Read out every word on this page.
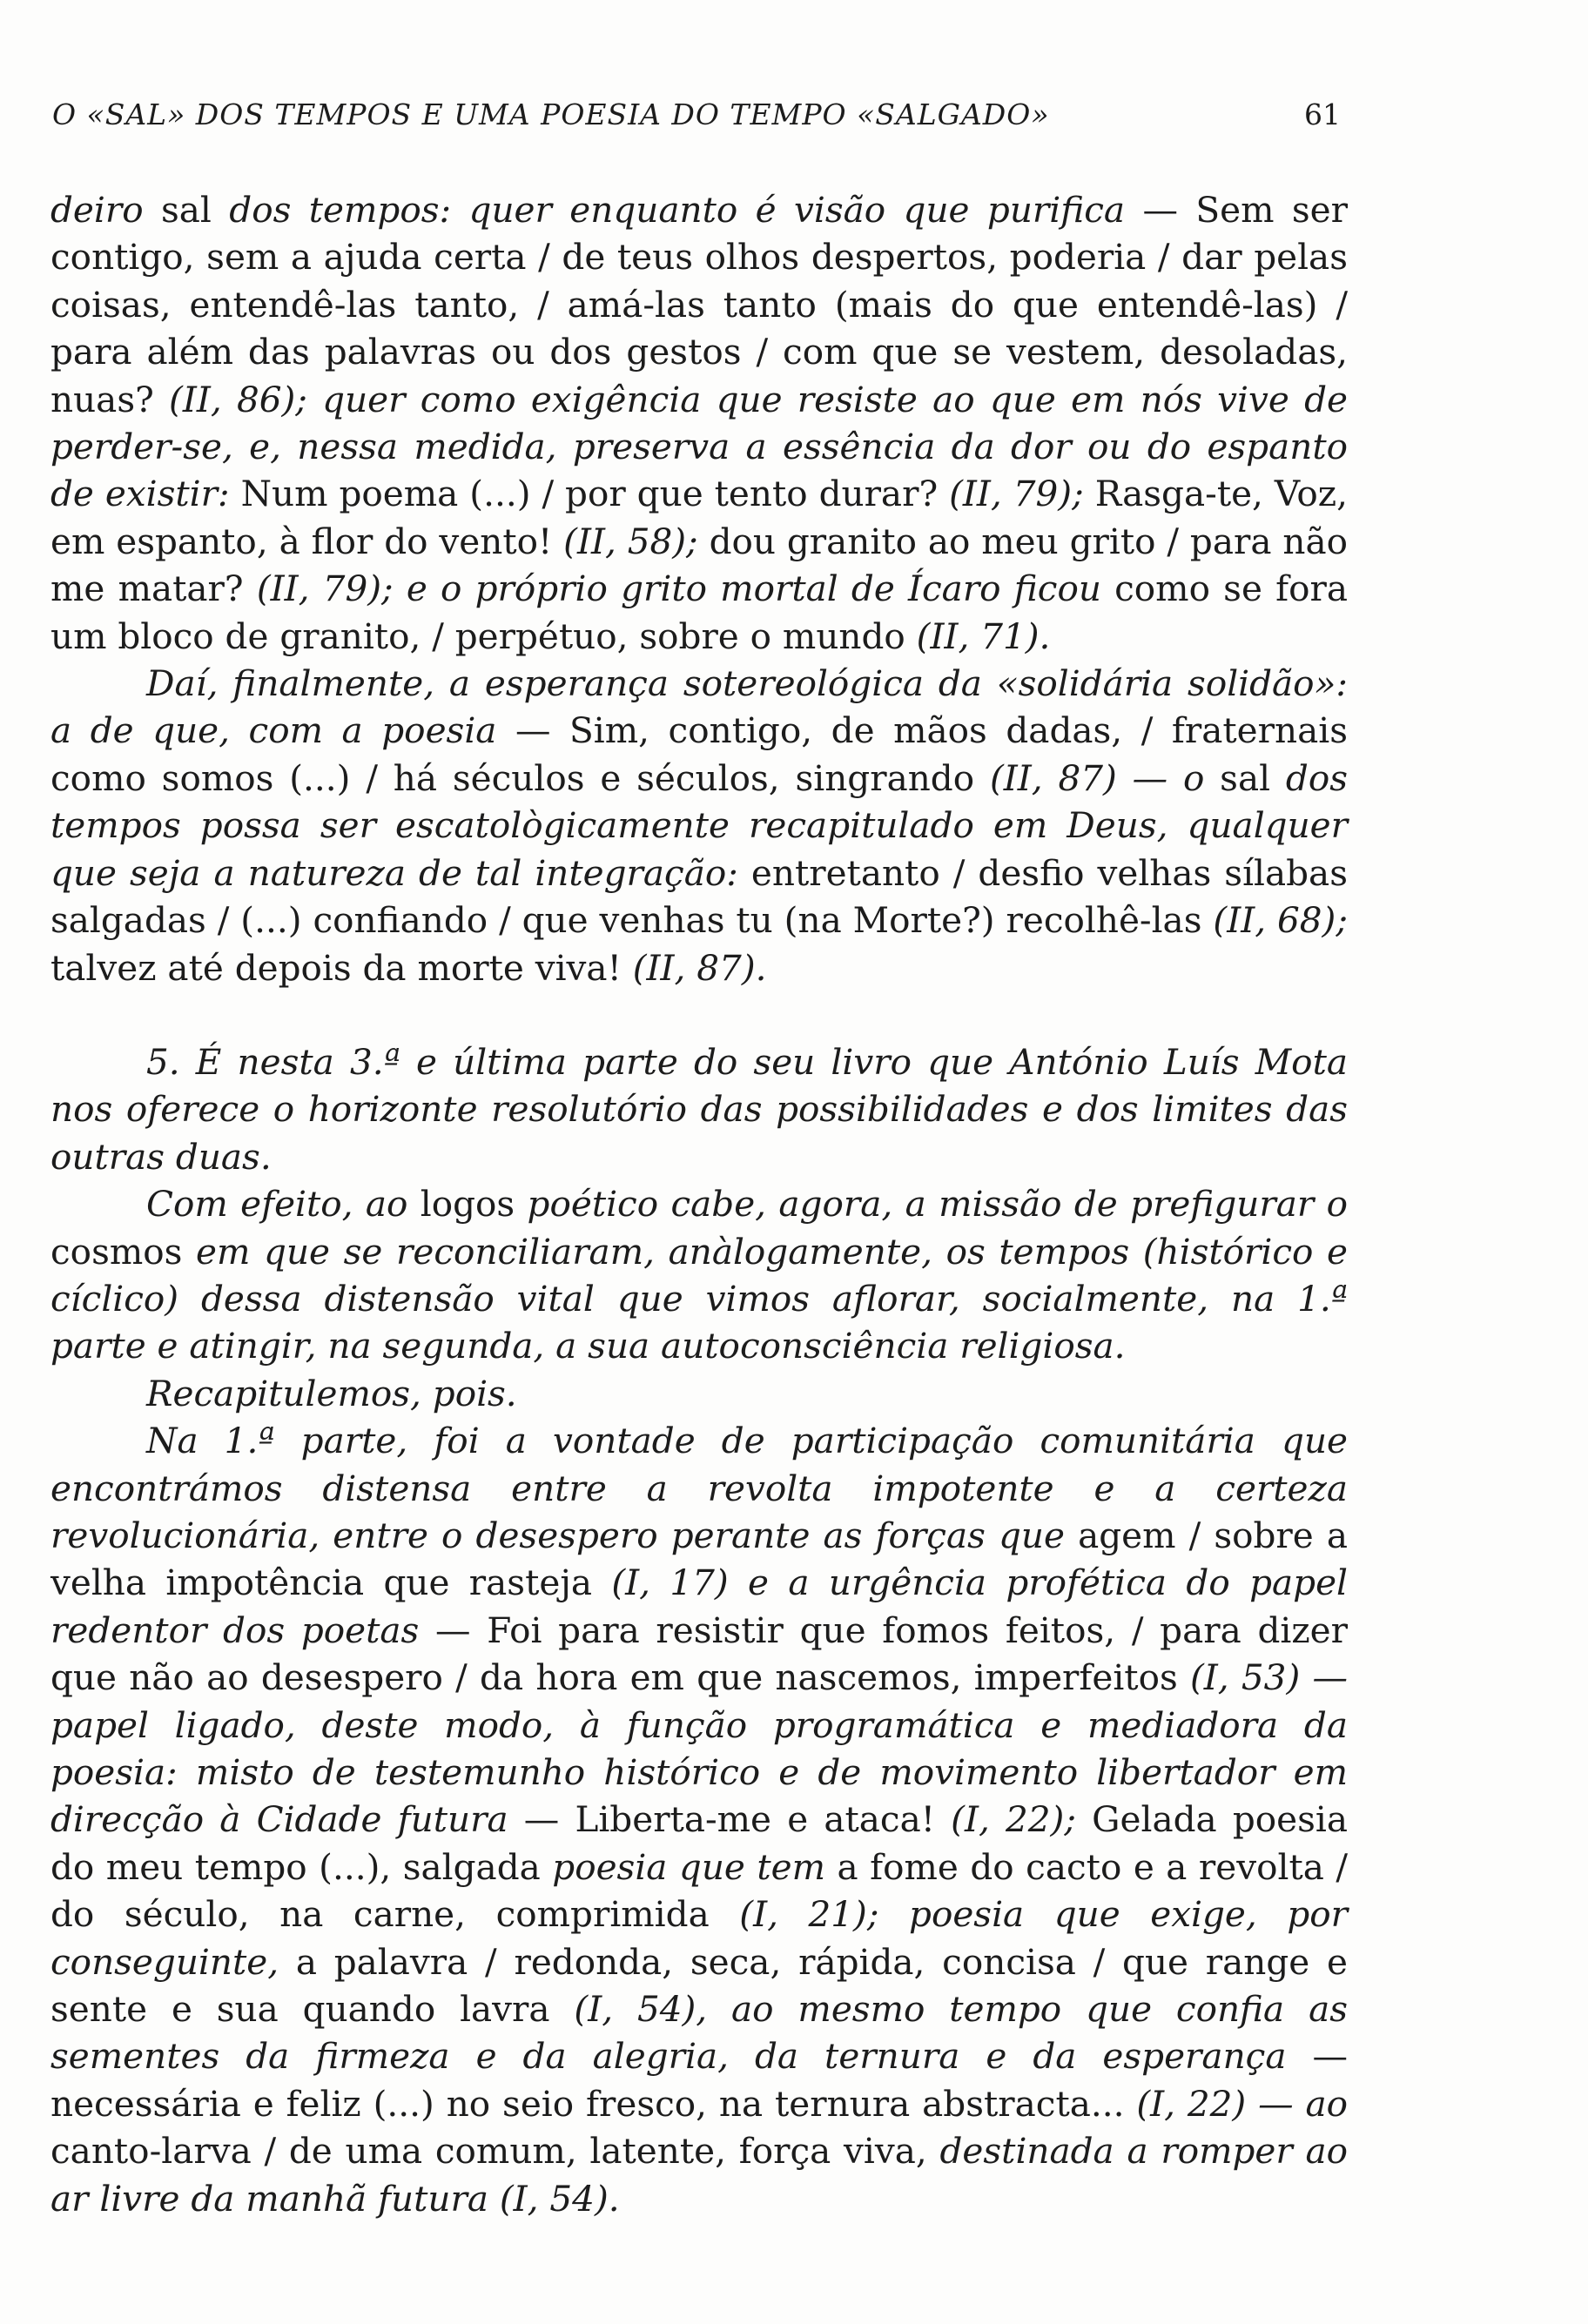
O «SAL» DOS TEMPOS E UMA POESIA DO TEMPO «SALGADO»	61

deiro sal dos tempos: quer enquanto é visão que purifica — Sem ser contigo, sem a ajuda certa / de teus olhos despertos, poderia / dar pelas coisas, entendê-las tanto, / amá-las tanto (mais do que entendê-las) / para além das palavras ou dos gestos / com que se vestem, desoladas, nuas? (II, 86); quer como exigência que resiste ao que em nós vive de perder-se, e, nessa medida, preserva a essência da dor ou do espanto de existir: Num poema (...) / por que tento durar? (II, 79); Rasga-te, Voz, em espanto, à flor do vento! (II, 58); dou granito ao meu grito / para não me matar? (II, 79); e o próprio grito mortal de Ícaro ficou como se fora um bloco de granito, / perpétuo, sobre o mundo (II, 71).

Daí, finalmente, a esperança sotereológica da «solidária solidão»: a de que, com a poesia — Sim, contigo, de mãos dadas, / fraternais como somos (...) / há séculos e séculos, singrando (II, 87) — o sal dos tempos possa ser escatològicamente recapitulado em Deus, qualquer que seja a natureza de tal integração: entretanto / desfio velhas sílabas salgadas / (...) confiando / que venhas tu (na Morte?) recolhê-las (II, 68); talvez até depois da morte viva! (II, 87).

5. É nesta 3.ª e última parte do seu livro que António Luís Mota nos oferece o horizonte resolutório das possibilidades e dos limites das outras duas.

Com efeito, ao logos poético cabe, agora, a missão de prefigurar o cosmos em que se reconciliaram, anàlogamente, os tempos (histórico e cíclico) dessa distensão vital que vimos aflorar, socialmente, na 1.ª parte e atingir, na segunda, a sua autoconsciência religiosa.

Recapitulemos, pois.

Na 1.ª parte, foi a vontade de participação comunitária que encontrámos distensa entre a revolta impotente e a certeza revolucionária, entre o desespero perante as forças que agem / sobre a velha impotência que rasteja (I, 17) e a urgência profética do papel redentor dos poetas — Foi para resistir que fomos feitos, / para dizer que não ao desespero / da hora em que nascemos, imperfeitos (I, 53) — papel ligado, deste modo, à função programática e mediadora da poesia: misto de testemunho histórico e de movimento libertador em direcção à Cidade futura — Liberta-me e ataca! (I, 22); Gelada poesia do meu tempo (...), salgada poesia que tem a fome do cacto e a revolta / do século, na carne, comprimida (I, 21); poesia que exige, por conseguinte, a palavra / redonda, seca, rápida, concisa / que range e sente e sua quando lavra (I, 54), ao mesmo tempo que confia as sementes da firmeza e da alegria, da ternura e da esperança — necessária e feliz (...) no seio fresco, na ternura abstracta... (I, 22) — ao canto-larva / de uma comum, latente, força viva, destinada a romper ao ar livre da manhã futura (I, 54).
